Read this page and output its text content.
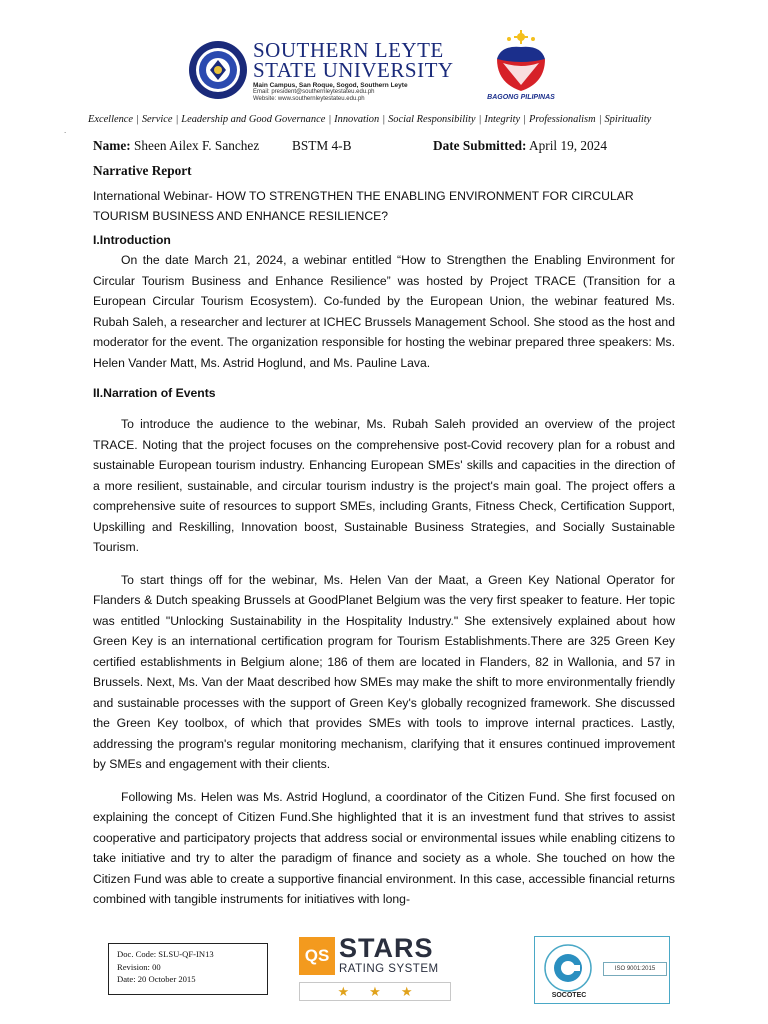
SOUTHERN LEYTE
STATE UNIVERSITY
Main Campus, San Roque, Sogod, Southern Leyte
Email: president@southernleytestateu.edu.ph
Website: www.southernleytestateu.edu.ph	BAGONG PILIPINAS
Excellence | Service | Leadership and Good Governance | Innovation | Social Responsibility | Integrity | Professionalism | Spirituality
.
Name: Sheen Ailex F. Sanchez BSTM 4-B	Date Submitted: April 19, 2024
Narrative Report
International Webinar- HOW TO STRENGTHEN THE ENABLING ENVIRONMENT FOR CIRCULAR TOURISM BUSINESS AND ENHANCE RESILIENCE?
I.Introduction

On the date March 21, 2024, a webinar entitled “How to Strengthen the Enabling Environment for Circular Tourism Business and Enhance Resilience” was hosted by Project TRACE (Transition for a European Circular Tourism Ecosystem). Co-funded by the European Union, the webinar featured Ms. Rubah Saleh, a researcher and lecturer at ICHEC Brussels Management School. She stood as the host and moderator for the event. The organization responsible for hosting the webinar prepared three speakers: Ms. Helen Vander Matt, Ms. Astrid Hoglund, and Ms. Pauline Lava.

II.Narration of Events

To introduce the audience to the webinar, Ms. Rubah Saleh provided an overview of the project TRACE. Noting that the project focuses on the comprehensive post-Covid recovery plan for a robust and sustainable European tourism industry. Enhancing European SMEs' skills and capacities in the direction of a more resilient, sustainable, and circular tourism industry is the project's main goal. The project offers a comprehensive suite of resources to support SMEs, including Grants, Fitness Check, Certification Support, Upskilling and Reskilling, Innovation boost, Sustainable Business Strategies, and Socially Sustainable Tourism.

To start things off for the webinar, Ms. Helen Van der Maat, a Green Key National Operator for Flanders & Dutch speaking Brussels at GoodPlanet Belgium was the very first speaker to feature. Her topic was entitled "Unlocking Sustainability in the Hospitality Industry." She extensively explained about how Green Key is an international certification program for Tourism Establishments.There are 325 Green Key certified establishments in Belgium alone; 186 of them are located in Flanders, 82 in Wallonia, and 57 in Brussels. Next, Ms. Van der Maat described how SMEs may make the shift to more environmentally friendly and sustainable processes with the support of Green Key's globally recognized framework. She discussed the Green Key toolbox, of which that provides SMEs with tools to improve internal practices. Lastly, addressing the program's regular monitoring mechanism, clarifying that it ensures continued improvement by SMEs and engagement with their clients.

Following Ms. Helen was Ms. Astrid Hoglund, a coordinator of the Citizen Fund. She first focused on explaining the concept of Citizen Fund.She highlighted that it is an investment fund that strives to assist cooperative and participatory projects that address social or environmental issues while enabling citizens to take initiative and try to alter the paradigm of finance and society as a whole. She touched on how the Citizen Fund was able to create a supportive financial environment. In this case, accessible financial returns combined with tangible instruments for initiatives with long-

Doc. Code: SLSU-QF-IN13
Revision: 00
Date: 20 October 2015
QS STARS
RATING SYSTEM
★★★
ISO 9001:2015
SOCOTEC
